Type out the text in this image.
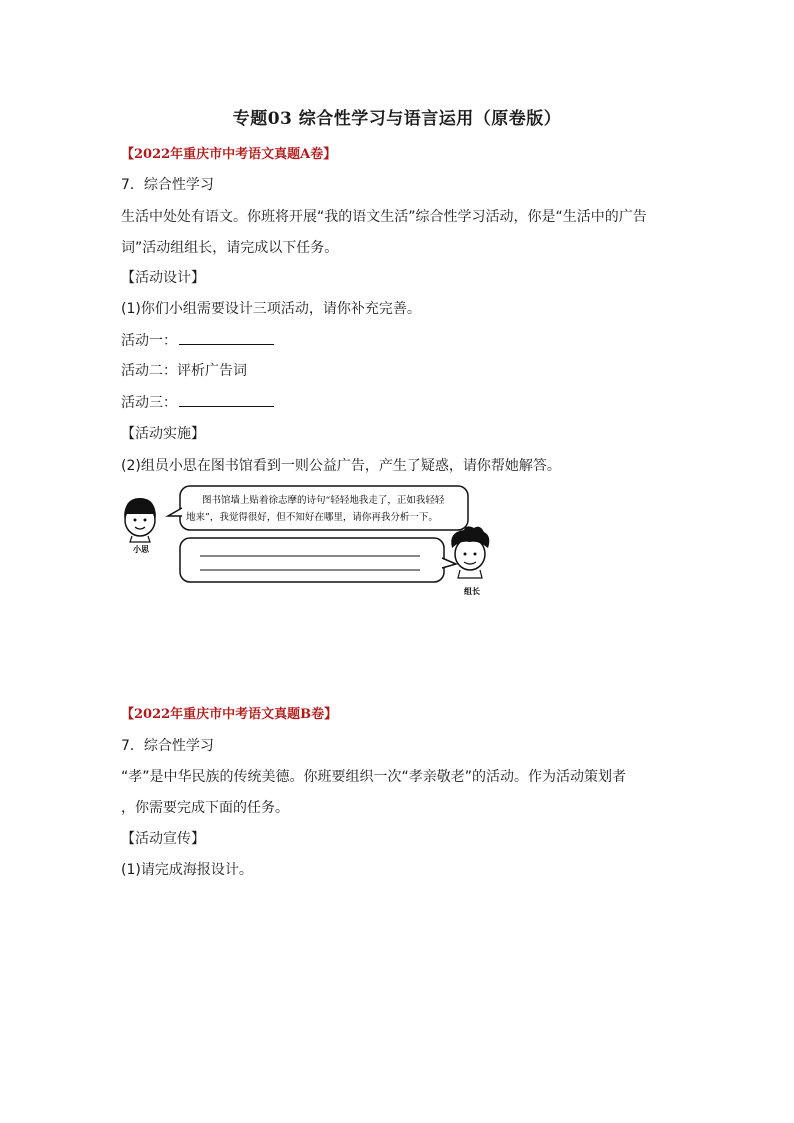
专题03 综合性学习与语言运用（原卷版）
【2022年重庆市中考语文真题A卷】
7．综合性学习
生活中处处有语文。你班将开展“我的语文生活”综合性学习活动，你是“生活中的广告
词”活动组组长，请完成以下任务。
【活动设计】
(1)你们小组需要设计三项活动，请你补充完善。
活动一：
活动二：评析广告词
活动三：
【活动实施】
(2)组员小思在图书馆看到一则公益广告，产生了疑惑，请你帮她解答。
小思
图书馆墙上贴着徐志摩的诗句“轻轻地我走了，正如我轻轻
地来”，我觉得很好，但不知好在哪里，请你再我分析一下。
组长
【2022年重庆市中考语文真题B卷】
7．综合性学习
“孝”是中华民族的传统美德。你班要组织一次“孝亲敬老”的活动。作为活动策划者
，你需要完成下面的任务。
【活动宣传】
(1)请完成海报设计。
